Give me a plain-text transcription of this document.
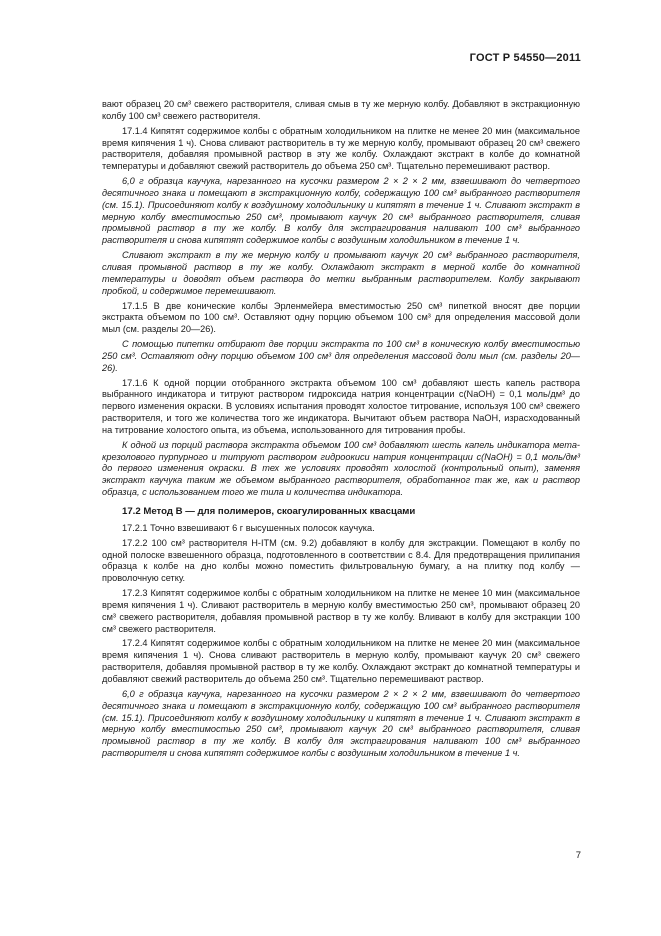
ГОСТ Р 54550—2011

вают образец 20 см³ свежего растворителя, сливая смыв в ту же мерную колбу. Добавляют в экстракционную колбу 100 см³ свежего растворителя.

17.1.4 Кипятят содержимое колбы с обратным холодильником на плитке не менее 20 мин (максимальное время кипячения 1 ч). Снова сливают растворитель в ту же мерную колбу, промывают образец 20 см³ свежего растворителя, добавляя промывной раствор в эту же колбу. Охлаждают экстракт в колбе до комнатной температуры и добавляют свежий растворитель до объема 250 см³. Тщательно перемешивают раствор.

6,0 г образца каучука, нарезанного на кусочки размером 2 × 2 × 2 мм, взвешивают до четвертого десятичного знака и помещают в экстракционную колбу, содержащую 100 см³ выбранного растворителя (см. 15.1). Присоединяют колбу к воздушному холодильнику и кипятят в течение 1 ч. Сливают экстракт в мерную колбу вместимостью 250 см³, промывают каучук 20 см³ выбранного растворителя, сливая промывной раствор в ту же колбу. В колбу для экстрагирования наливают 100 см³ выбранного растворителя и снова кипятят содержимое колбы с воздушным холодильником в течение 1 ч.

Сливают экстракт в ту же мерную колбу и промывают каучук 20 см³ выбранного растворителя, сливая промывной раствор в ту же колбу. Охлаждают экстракт в мерной колбе до комнатной температуры и доводят объем раствора до метки выбранным растворителем. Колбу закрывают пробкой, и содержимое перемешивают.

17.1.5 В две конические колбы Эрленмейера вместимостью 250 см³ пипеткой вносят две порции экстракта объемом по 100 см³. Оставляют одну порцию объемом 100 см³ для определения массовой доли мыл (см. разделы 20—26).

С помощью пипетки отбирают две порции экстракта по 100 см³ в коническую колбу вместимостью 250 см³. Оставляют одну порцию объемом 100 см³ для определения массовой доли мыл (см. разделы 20—26).

17.1.6 К одной порции отобранного экстракта объемом 100 см³ добавляют шесть капель раствора выбранного индикатора и титруют раствором гидроксида натрия концентрации c(NaOH) = 0,1 моль/дм³ до первого изменения окраски. В условиях испытания проводят холостое титрование, используя 100 см³ свежего растворителя, и того же количества того же индикатора. Вычитают объем раствора NaOH, израсходованный на титрование холостого опыта, из объема, использованного для титрования пробы.

К одной из порций раствора экстракта объемом 100 см³ добавляют шесть капель индикатора мета-крезолового пурпурного и титруют раствором гидроокиси натрия концентрации c(NaOH) = 0,1 моль/дм³ до первого изменения окраски. В тех же условиях проводят холостой (контрольный опыт), заменяя экстракт каучука таким же объемом выбранного растворителя, обработанног так же, как и раствор образца, с использованием того же тила и количества индикатора.

17.2 Метод В — для полимеров, скоагулированных квасцами

17.2.1 Точно взвешивают 6 г высушенных полосок каучука.

17.2.2 100 см³ растворителя Н-ITM (см. 9.2) добавляют в колбу для экстракции. Помещают в колбу по одной полоске взвешенного образца, подготовленного в соответствии с 8.4. Для предотвращения прилипания образца к колбе на дно колбы можно поместить фильтровальную бумагу, а на плитку под колбу — проволочную сетку.

17.2.3 Кипятят содержимое колбы с обратным холодильником на плитке не менее 10 мин (максимальное время кипячения 1 ч). Сливают растворитель в мерную колбу вместимостью 250 см³, промывают образец 20 см³ свежего растворителя, добавляя промывной раствор в ту же колбу. Вливают в колбу для экстракции 100 см³ свежего растворителя.

17.2.4 Кипятят содержимое колбы с обратным холодильником на плитке не менее 20 мин (максимальное время кипячения 1 ч). Снова сливают растворитель в мерную колбу, промывают каучук 20 см³ свежего растворителя, добавляя промывной раствор в ту же колбу. Охлаждают экстракт до комнатной температуры и добавляют свежий растворитель до объема 250 см³. Тщательно перемешивают раствор.

6,0 г образца каучука, нарезанного на кусочки размером 2 × 2 × 2 мм, взвешивают до четвертого десятичного знака и помещают в экстракционную колбу, содержащую 100 см³ выбранного растворителя (см. 15.1). Присоединяют колбу к воздушному холодильнику и кипятят в течение 1 ч. Сливают экстракт в мерную колбу вместимостью 250 см³, промывают каучук 20 см³ выбранного растворителя, сливая промывной раствор в ту же колбу. В колбу для экстрагирования наливают 100 см³ выбранного растворителя и снова кипятят содержимое колбы с воздушным холодильником в течение 1 ч.

7
